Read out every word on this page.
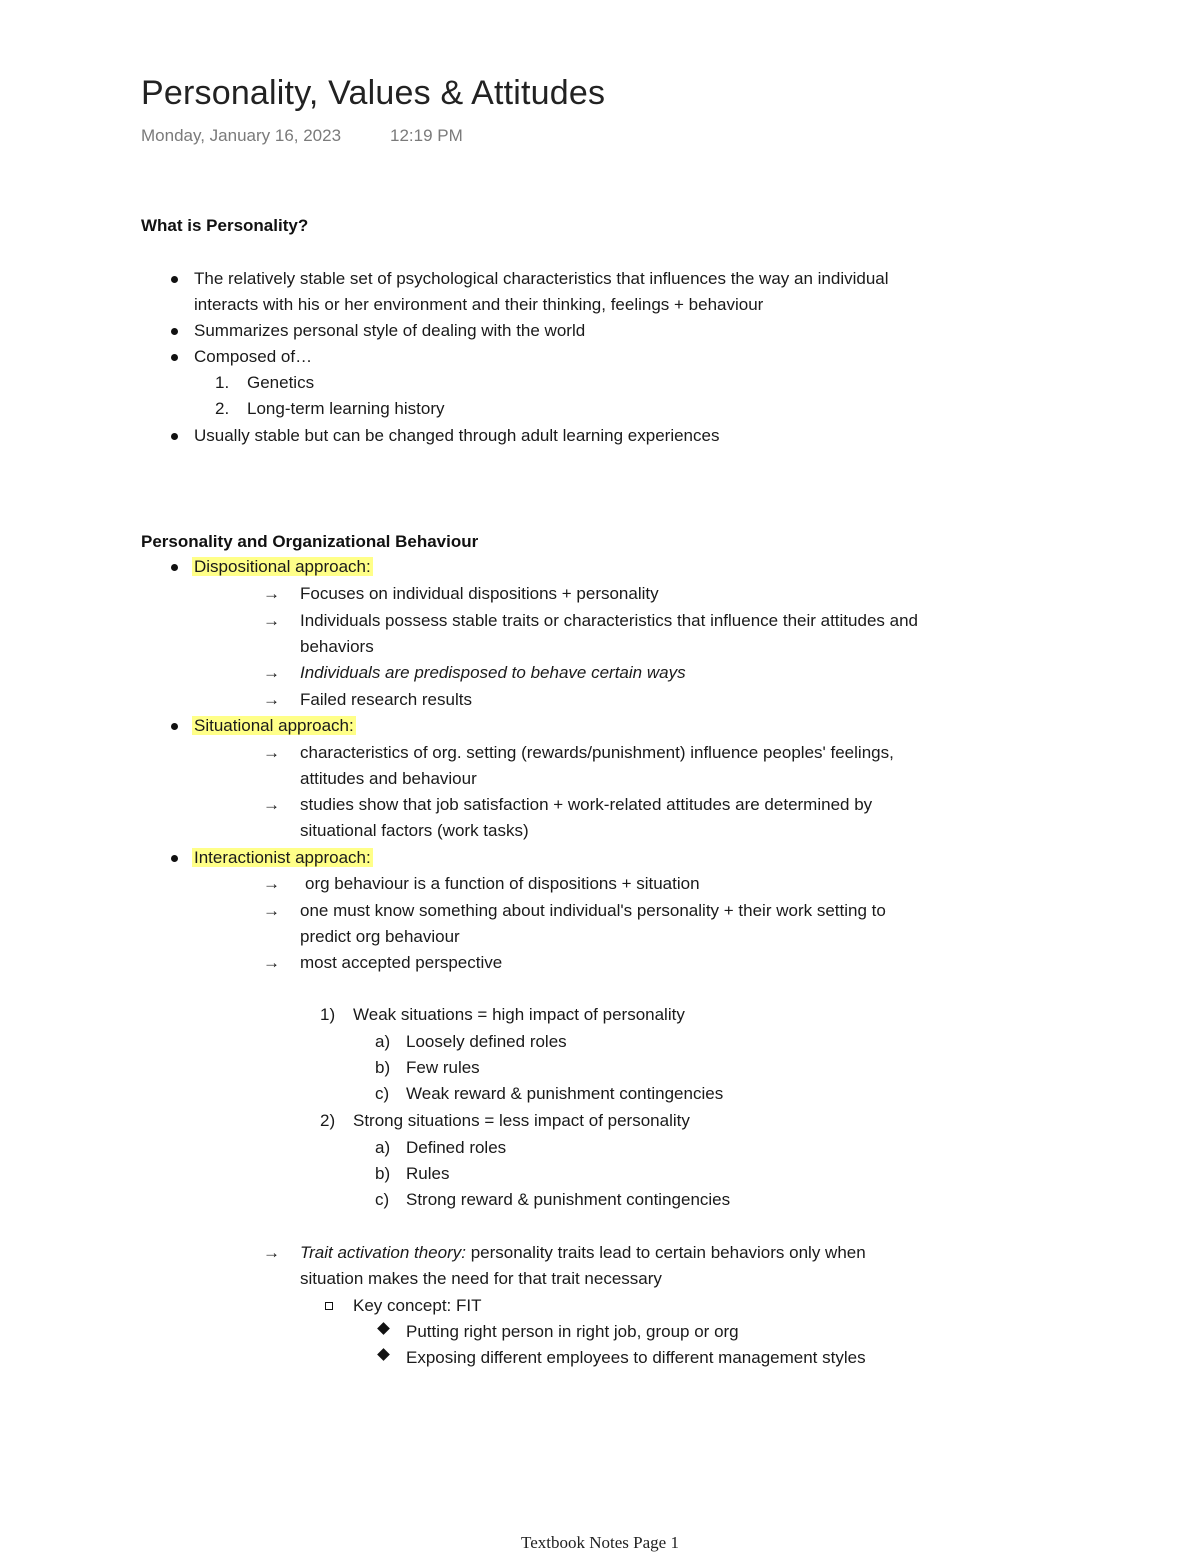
Personality, Values & Attitudes
Monday, January 16, 2023	12:19 PM
What is Personality?
The relatively stable set of psychological characteristics that influences the way an individual
interacts with his or her environment and their thinking, feelings + behaviour
Summarizes personal style of dealing with the world
Composed of…
1. Genetics
2. Long-term learning history
Usually stable but can be changed through adult learning experiences
Personality and Organizational Behaviour
Dispositional approach:
→ Focuses on individual dispositions + personality
→ Individuals possess stable traits or characteristics that influence their attitudes and
behaviors
→ Individuals are predisposed to behave certain ways
→ Failed research results
Situational approach:
→ characteristics of org. setting (rewards/punishment) influence peoples' feelings,
attitudes and behaviour
→ studies show that job satisfaction + work-related attitudes are determined by
situational factors (work tasks)
Interactionist approach:
→ org behaviour is a function of dispositions + situation
→ one must know something about individual's personality + their work setting to
predict org behaviour
→ most accepted perspective
1) Weak situations = high impact of personality
a) Loosely defined roles
b) Few rules
c) Weak reward & punishment contingencies
2) Strong situations = less impact of personality
a) Defined roles
b) Rules
c) Strong reward & punishment contingencies
→ Trait activation theory: personality traits lead to certain behaviors only when
situation makes the need for that trait necessary
Key concept: FIT
Putting right person in right job, group or org
Exposing different employees to different management styles
Textbook Notes Page 1
